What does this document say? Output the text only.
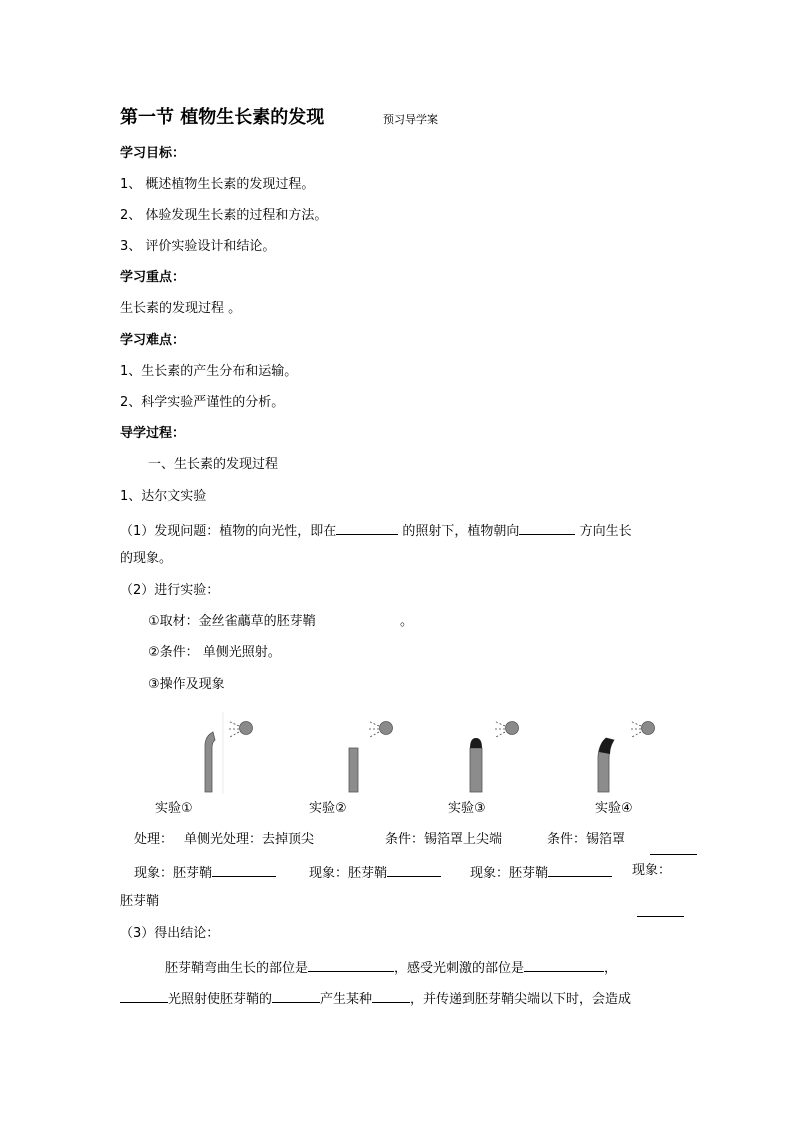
第一节 植物生长素的发现	预习导学案
学习目标：
1、 概述植物生长素的发现过程。
2、 体验发现生长素的过程和方法。
3、 评价实验设计和结论。
学习重点：
生长素的发现过程 。
学习难点：
1、生长素的产生分布和运输。
2、科学实验严谨性的分析。
导学过程：
一、生长素的发现过程
1、达尔文实验
（1）发现问题：植物的向光性，即在	的照射下，植物朝向	方向生长
的现象。
（2）进行实验：
①取材：金丝雀虉草的胚芽鞘	。
②条件： 单侧光照射。
③操作及现象
实验①	实验②	实验③	实验④
处理： 单侧光处理：去掉顶尖	条件：锡箔罩上尖端	条件：锡箔罩
现象：胚芽鞘	现象：胚芽鞘	现象：胚芽鞘	现象：
胚芽鞘
（3）得出结论：
胚芽鞘弯曲生长的部位是	，感受光刺激的部位是	，
光照射使胚芽鞘的	产生某种	，并传递到胚芽鞘尖端以下时，会造成
